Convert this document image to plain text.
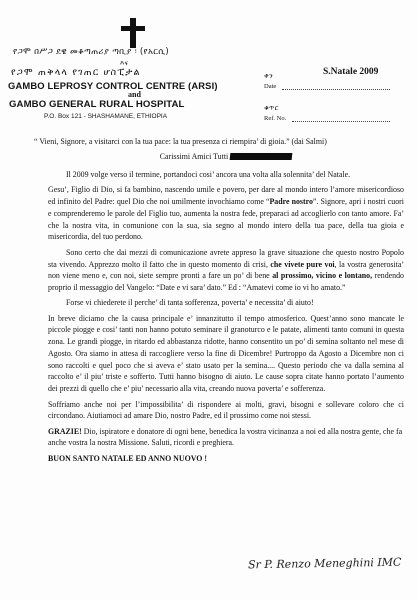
የጋሞ በሥጋ ደዌ መቆጣጠሪያ ጣቢያ ፡ (የአርሲ)
እና
የጋሞ ጠቅላላ የገጠር ሆስፒታል
GAMBO LEPROSY CONTROL CENTRE (ARSI)
and
GAMBO GENERAL RURAL HOSPITAL
P.O. Box 121 - SHASHAMANE, ETHIOPIA
S.Natale 2009
ቀን
Date
ቁጥር
Ref. No.

“ Vieni, Signore, a visitarci con la tua pace: la tua presenza ci riempira’ di gioia.” (dai Salmi)

Carissimi Amici Tutti

Il 2009 volge verso il termine, portandoci cosi’ ancora una volta alla solennita’ del Natale.

Gesu’, Figlio di Dio, si fa bambino, nascendo umile e povero, per dare al mondo intero l’amore misericordioso ed infinito del Padre: quel Dio che noi umilmente invochiamo come “Padre nostro”. Signore, apri i nostri cuori e comprenderemo le parole del Figlio tuo, aumenta la nostra fede, preparaci ad accoglierlo con tanto amore. Fa’ che la nostra vita, in comunione con la sua, sia segno al mondo intero della tua pace, della tua gioia e misericordia, del tuo perdono.

Sono certo che dai mezzi di comunicazione avrete appreso la grave situazione che questo nostro Popolo sta vivendo. Apprezzo molto il fatto che in questo momento di crisi, che vivete pure voi, la vostra generosita’ non viene meno e, con noi, siete sempre pronti a fare un po’ di bene al prossimo, vicino e lontano, rendendo proprio il messaggio del Vangelo: “Date e vi sara’ dato.” Ed : “Amatevi come io vi ho amato.”

Forse vi chiederete il perche’ di tanta sofferenza, poverta’ e necessita’ di aiuto!

In breve diciamo che la causa principale e’ innanzitutto il tempo atmosferico. Quest’anno sono mancate le piccole piogge e cosi’ tanti non hanno potuto seminare il granoturco e le patate, alimenti tanto comuni in questa zona. Le grandi piogge, in ritardo ed abbastanza ridotte, hanno consentito un po’ di semina soltanto nel mese di Agosto. Ora siamo in attesa di raccogliere verso la fine di Dicembre! Purtroppo da Agosto a Dicembre non ci sono raccolti e quel poco che si aveva e’ stato usato per la semina.... Questo periodo che va dalla semina al raccolto e’ il piu’ triste e sofferto. Tutti hanno bisogno di aiuto. Le cause sopra citate hanno portato l’aumento dei prezzi di quello che e’ piu’ necessario alla vita, creando nuova poverta’ e sofferenza.

Soffriamo anche noi per l’impossibilita’ di rispondere ai molti, gravi, bisogni e sollevare coloro che ci circondano. Aiutiamoci ad amare Dio, nostro Padre, ed il prossimo come noi stessi.

GRAZIE! Dio, ispiratore e donatore di ogni bene, benedica la vostra vicinanza a noi ed alla nostra gente, che fa anche vostra la nostra Missione. Saluti, ricordi e preghiera.

BUON SANTO NATALE ED ANNO NUOVO !

Sr P. Renzo Meneghini IMC
